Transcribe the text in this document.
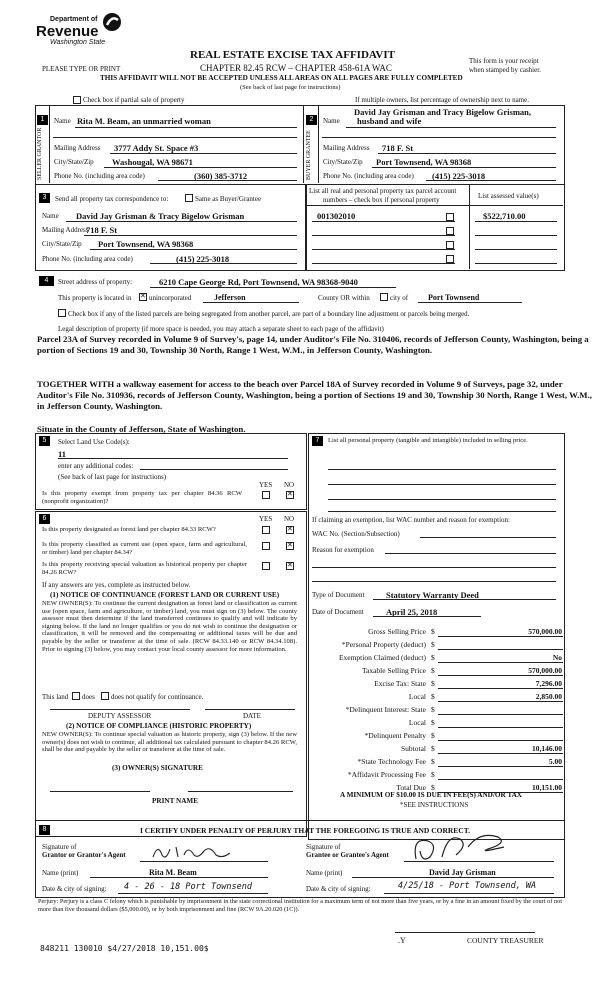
Department of
Revenue
Washington State
REAL ESTATE EXCISE TAX AFFIDAVIT
PLEASE TYPE OR PRINT	CHAPTER 82.45 RCW – CHAPTER 458-61A WAC
This form is your receipt
when stamped by cashier.
THIS AFFIDAVIT WILL NOT BE ACCEPTED UNLESS ALL AREAS ON ALL PAGES ARE FULLY COMPLETED
(See back of last page for instructions)
Check box if partial sale of property	If multiple owners, list percentage of ownership next to name.
1
SELLER GRANTOR
Name Rita M. Beam, an unmarried woman
Mailing Address 3777 Addy St. Space #3
City/State/Zip Washougal, WA 98671
Phone No. (including area code)	(360) 385-3712
2
BUYER GRANTEE
David Jay Grisman and Tracy Bigelow Grisman,
Name husband and wife
Mailing Address 718 F. St
City/State/Zip Port Townsend, WA 98368
Phone No. (including area code) (415) 225-3018
3	Send all property tax correspondence to:	Same as Buyer/Grantee
Name David Jay Grisman & Tracy Bigelow Grisman
Mailing Address
718 F. St
City/State/Zip Port Townsend, WA 98368
Phone No. (including area code)	(415) 225-3018
List all real and personal property tax parcel account
numbers – check box if personal property	List assessed value(s)
001302010	$522,710.00
4	Street address of property:	6210 Cape George Rd, Port Townsend, WA 98368-9040
This property is located in
✕	unincorporated	Jefferson	County OR within	city of Port Townsend
Check box if any of the listed parcels are being segregated from another parcel, are part of a boundary line adjustment or parcels being merged.
Legal description of property (if more space is needed, you may attach a separate sheet to each page of the affidavit)
Parcel 23A of Survey recorded in Volume 9 of Survey's, page 14, under Auditor's File No. 310406, records of Jefferson County, Washington, being a portion of Sections 19 and 30, Township 30 North, Range 1 West, W.M., in Jefferson County, Washington.
TOGETHER WITH a walkway easement for access to the beach over Parcel 18A of Survey recorded in Volume 9 of Surveys, page 32, under Auditor's File No. 310936, records of Jefferson County, Washington, being a portion of Sections 19 and 30, Township 30 North, Range 1 West, W.M., in Jefferson County, Washington.
Situate in the County of Jefferson, State of Washington.
5	Select Land Use Code(s):
11
enter any additional codes:
(See back of last page for instructions)
YES NO
Is this property exempt from property tax per chapter 84.36 RCW (nonprofit organization)?
✕
6	YES NO
Is this property designated as forest land per chapter 84.33 RCW?
✕
Is this property classified as current use (open space, farm and agricultural, or timber) land per chapter 84.34?
✕
Is this property receiving special valuation as historical property per chapter 84.26 RCW?
✕
If any answers are yes, complete as instructed below.
(1) NOTICE OF CONTINUANCE (FOREST LAND OR CURRENT USE)
NEW OWNER(S): To continue the current designation as forest land or classification as current use (open space, farm and agriculture, or timber) land, you must sign on (3) below. The county assessor must then determine if the land transferred continues to qualify and will indicate by signing below. If the land no longer qualifies or you do not wish to continue the designation or classification, it will be removed and the compensating or additional taxes will be due and payable by the seller or transferor at the time of sale. (RCW 84.33.140 or RCW 84.34.108). Prior to signing (3) below, you may contact your local county assessor for more information.
This land does does not qualify for continuance.
DEPUTY ASSESSOR	DATE
(2) NOTICE OF COMPLIANCE (HISTORIC PROPERTY)
NEW OWNER(S): To continue special valuation as historic property, sign (3) below. If the new owner(s) does not wish to continue, all additional tax calculated pursuant to chapter 84.26 RCW, shall be due and payable by the seller or transferor at the time of sale.
(3) OWNER(S) SIGNATURE
PRINT NAME
7	List all personal property (tangible and intangible) included in selling price.
If claiming an exemption, list WAC number and reason for exemption:
WAC No. (Section/Subsection)
Reason for exemption
Type of Document	Statutory Warranty Deed
Date of Document	April 25, 2018
Gross Selling Price $	570,000.00
*Personal Property (deduct) $
Exemption Claimed (deduct) $	No
Taxable Selling Price $	570,000.00
Excise Tax: State $	7,296.00
Local $	2,850.00
*Delinquent Interest: State $
Local $
*Delinquent Penalty $
Subtotal $	10,146.00
*State Technology Fee $	5.00
*Affidavit Processing Fee $
Total Due $	10,151.00
A MINIMUM OF $10.00 IS DUE IN FEE(S) AND/OR TAX
*SEE INSTRUCTIONS
8	I CERTIFY UNDER PENALTY OF PERJURY THAT THE FOREGOING IS TRUE AND CORRECT.
Signature of
Grantor or Grantor's Agent
Signature of
Grantee or Grantee's Agent
Name (print)	Rita M. Beam	Name (print)	David Jay Grisman
Date & city of signing: 4 - 26 - 18 Port Townsend	Date & city of signing:	4/25/18 - Port Townsend, WA
Perjury: Perjury is a class C felony which is punishable by imprisonment in the state correctional institution for a maximum term of not more than five years, or by a fine in an amount fixed by the court of not more than five thousand dollars ($5,000.00), or by both imprisonment and fine (RCW 9A.20.020 (1C)).
848211 130010 $4/27/2018 10,151.00$
.Y	COUNTY TREASURER
